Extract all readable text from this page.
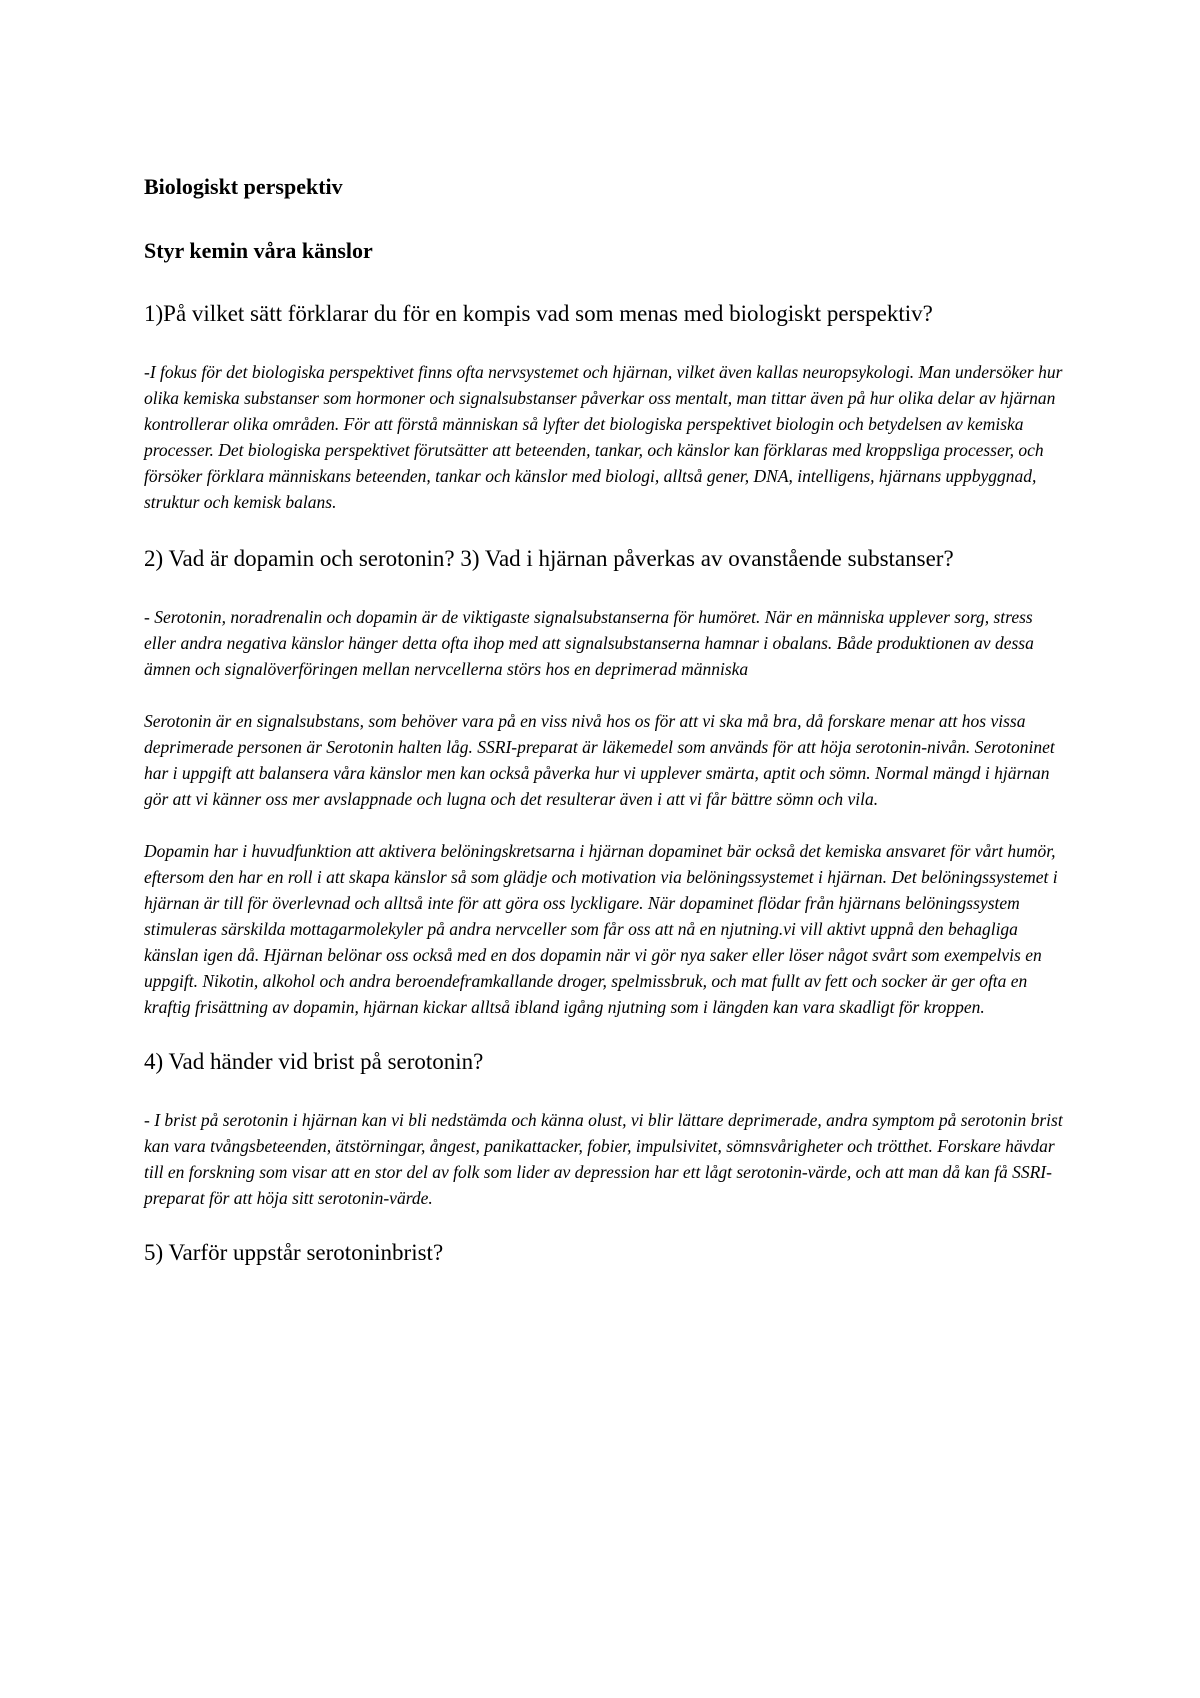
Biologiskt perspektiv
Styr kemin våra känslor
1)På vilket sätt förklarar du för en kompis vad som menas med biologiskt perspektiv?
-I fokus för det biologiska perspektivet finns ofta nervsystemet och hjärnan, vilket även kallas neuropsykologi. Man undersöker hur olika kemiska substanser som hormoner och signalsubstanser påverkar oss mentalt, man tittar även på hur olika delar av hjärnan kontrollerar olika områden. För att förstå människan så lyfter det biologiska perspektivet biologin och betydelsen av kemiska processer. Det biologiska perspektivet förutsätter att beteenden, tankar, och känslor kan förklaras med kroppsliga processer, och försöker förklara människans beteenden, tankar och känslor med biologi, alltså gener, DNA, intelligens, hjärnans uppbyggnad, struktur och kemisk balans.
2) Vad är dopamin och serotonin? 3) Vad i hjärnan påverkas av ovanstående substanser?
- Serotonin, noradrenalin och dopamin är de viktigaste signalsubstanserna för humöret. När en människa upplever sorg, stress eller andra negativa känslor hänger detta ofta ihop med att signalsubstanserna hamnar i obalans. Både produktionen av dessa ämnen och signalöverföringen mellan nervcellerna störs hos en deprimerad människa
Serotonin är en signalsubstans, som behöver vara på en viss nivå hos os för att vi ska må bra, då forskare menar att hos vissa deprimerade personen är Serotonin halten låg. SSRI-preparat är läkemedel som används för att höja serotonin-nivån. Serotoninet har i uppgift att balansera våra känslor men kan också påverka hur vi upplever smärta, aptit och sömn. Normal mängd i hjärnan gör att vi känner oss mer avslappnade och lugna och det resulterar även i att vi får bättre sömn och vila.
Dopamin har i huvudfunktion att aktivera belöningskretsarna i hjärnan dopaminet bär också det kemiska ansvaret för vårt humör, eftersom den har en roll i att skapa känslor så som glädje och motivation via belöningssystemet i hjärnan. Det belöningssystemet i hjärnan är till för överlevnad och alltså inte för att göra oss lyckligare. När dopaminet flödar från hjärnans belöningssystem stimuleras särskilda mottagarmolekyler på andra nervceller som får oss att nå en njutning.vi vill aktivt uppnå den behagliga känslan igen då. Hjärnan belönar oss också med en dos dopamin när vi gör nya saker eller löser något svårt som exempelvis en uppgift. Nikotin, alkohol och andra beroendeframkallande droger, spelmissbruk, och mat fullt av fett och socker är ger ofta en kraftig frisättning av dopamin, hjärnan kickar alltså ibland igång njutning som i längden kan vara skadligt för kroppen.
4) Vad händer vid brist på serotonin?
- I brist på serotonin i hjärnan kan vi bli nedstämda och känna olust, vi blir lättare deprimerade, andra symptom på serotonin brist kan vara tvångsbeteenden, ätstörningar, ångest, panikattacker, fobier, impulsivitet, sömnsvårigheter och trötthet. Forskare hävdar till en forskning som visar att en stor del av folk som lider av depression har ett lågt serotonin-värde, och att man då kan få SSRI-preparat för att höja sitt serotonin-värde.
5) Varför uppstår serotoninbrist?
